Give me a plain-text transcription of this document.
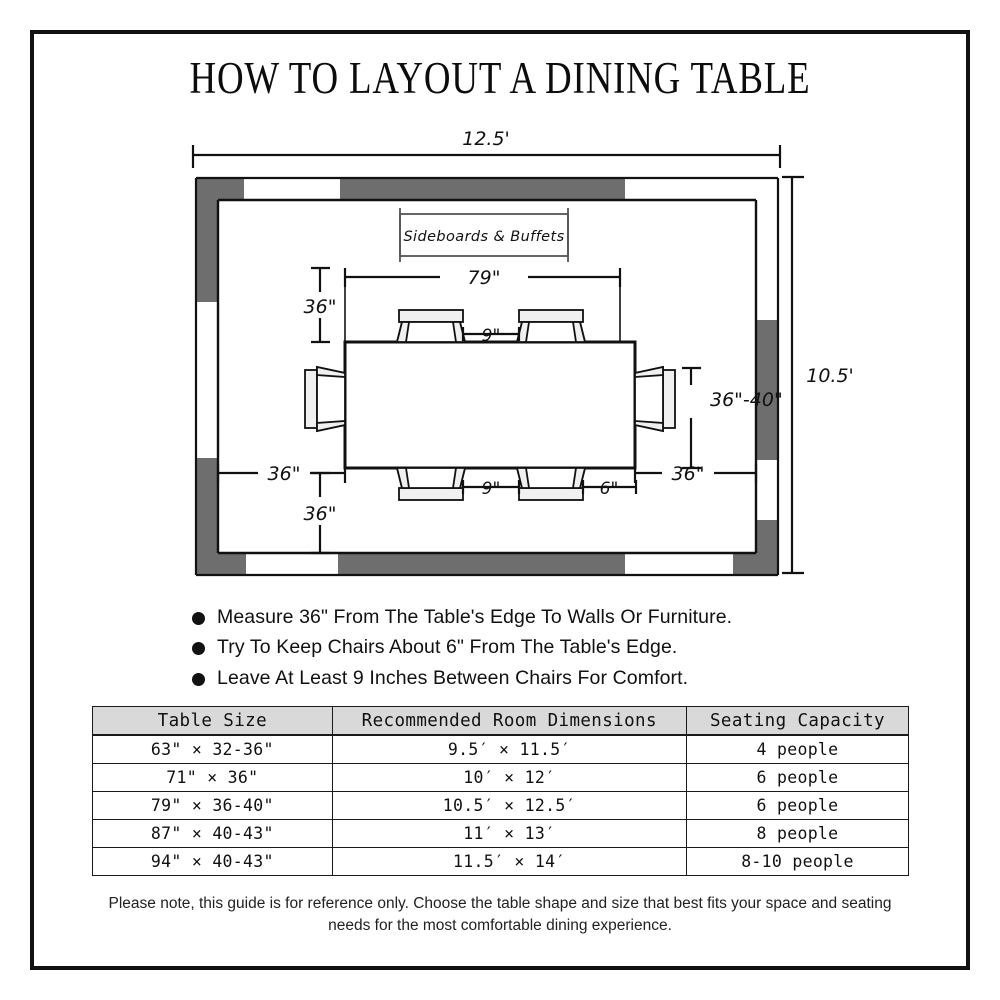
HOW TO LAYOUT A DINING TABLE
Sideboards & Buffets
12.5'
10.5'
79"
36"
36"-40"
36"
36"
36"
9"
9"	6"
Measure 36" From The Table's Edge To Walls Or Furniture.
Try To Keep Chairs About 6" From The Table's Edge.
Leave At Least 9 Inches Between Chairs For Comfort.
Table Size	Recommended Room Dimensions	Seating Capacity
63" × 32-36"	9.5′ × 11.5′	4 people
71" × 36"	10′ × 12′	6 people
79" × 36-40"	10.5′ × 12.5′	6 people
87" × 40-43"	11′ × 13′	8 people
94" × 40-43"	11.5′ × 14′	8-10 people
Please note, this guide is for reference only. Choose the table shape and size that best fits your space and seating needs for the most comfortable dining experience.
